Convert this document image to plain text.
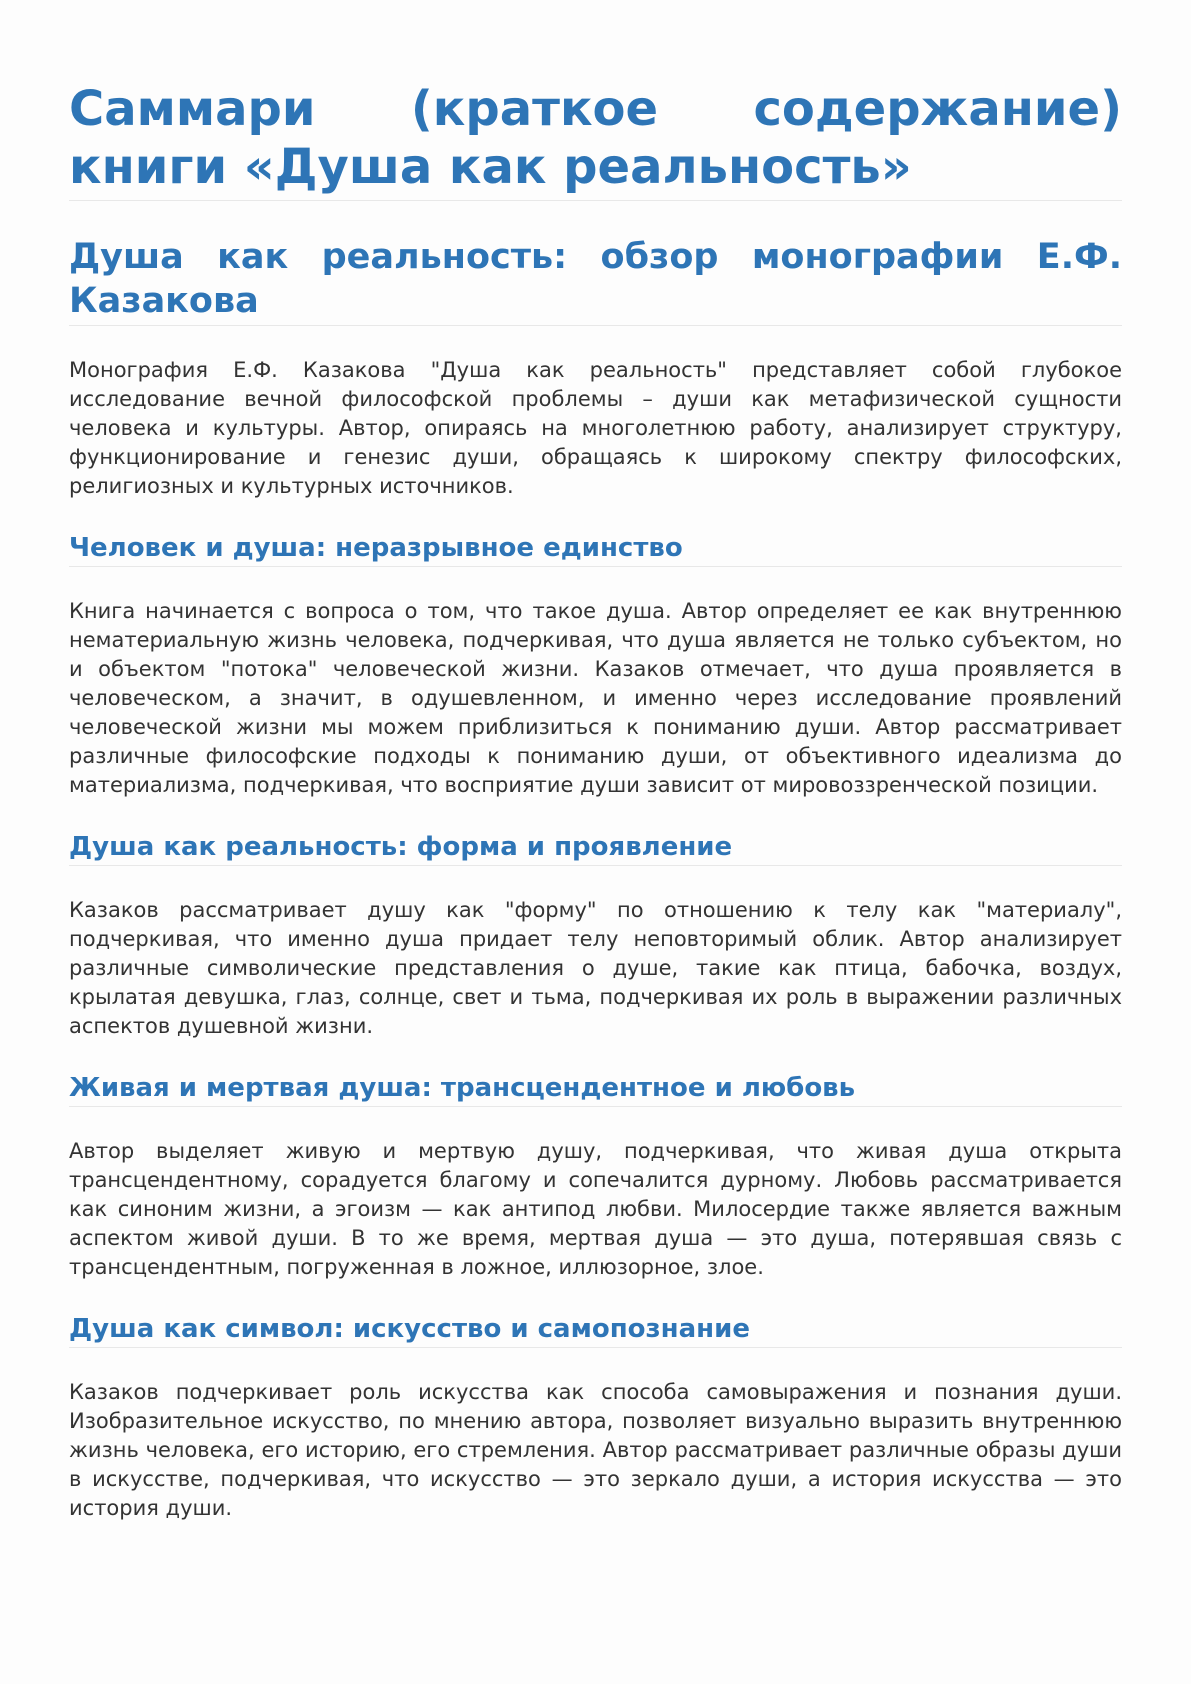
Саммари (краткое содержание) книги «Душа как реальность»
Душа как реальность: обзор монографии Е.Ф. Казакова

Монография Е.Ф. Казакова "Душа как реальность" представляет собой глубокое исследование вечной философской проблемы – души как метафизической сущности человека и культуры. Автор, опираясь на многолетнюю работу, анализирует структуру, функционирование и генезис души, обращаясь к широкому спектру философских, религиозных и культурных источников.

Человек и душа: неразрывное единство

Книга начинается с вопроса о том, что такое душа. Автор определяет ее как внутреннюю нематериальную жизнь человека, подчеркивая, что душа является не только субъектом, но и объектом "потока" человеческой жизни. Казаков отмечает, что душа проявляется в человеческом, а значит, в одушевленном, и именно через исследование проявлений человеческой жизни мы можем приблизиться к пониманию души. Автор рассматривает различные философские подходы к пониманию души, от объективного идеализма до материализма, подчеркивая, что восприятие души зависит от мировоззренческой позиции.

Душа как реальность: форма и проявление

Казаков рассматривает душу как "форму" по отношению к телу как "материалу", подчеркивая, что именно душа придает телу неповторимый облик. Автор анализирует различные символические представления о душе, такие как птица, бабочка, воздух, крылатая девушка, глаз, солнце, свет и тьма, подчеркивая их роль в выражении различных аспектов душевной жизни.

Живая и мертвая душа: трансцендентное и любовь

Автор выделяет живую и мертвую душу, подчеркивая, что живая душа открыта трансцендентному, сорадуется благому и сопечалится дурному. Любовь рассматривается как синоним жизни, а эгоизм — как антипод любви. Милосердие также является важным аспектом живой души. В то же время, мертвая душа — это душа, потерявшая связь с трансцендентным, погруженная в ложное, иллюзорное, злое.

Душа как символ: искусство и самопознание

Казаков подчеркивает роль искусства как способа самовыражения и познания души. Изобразительное искусство, по мнению автора, позволяет визуально выразить внутреннюю жизнь человека, его историю, его стремления. Автор рассматривает различные образы души в искусстве, подчеркивая, что искусство — это зеркало души, а история искусства — это история души.
